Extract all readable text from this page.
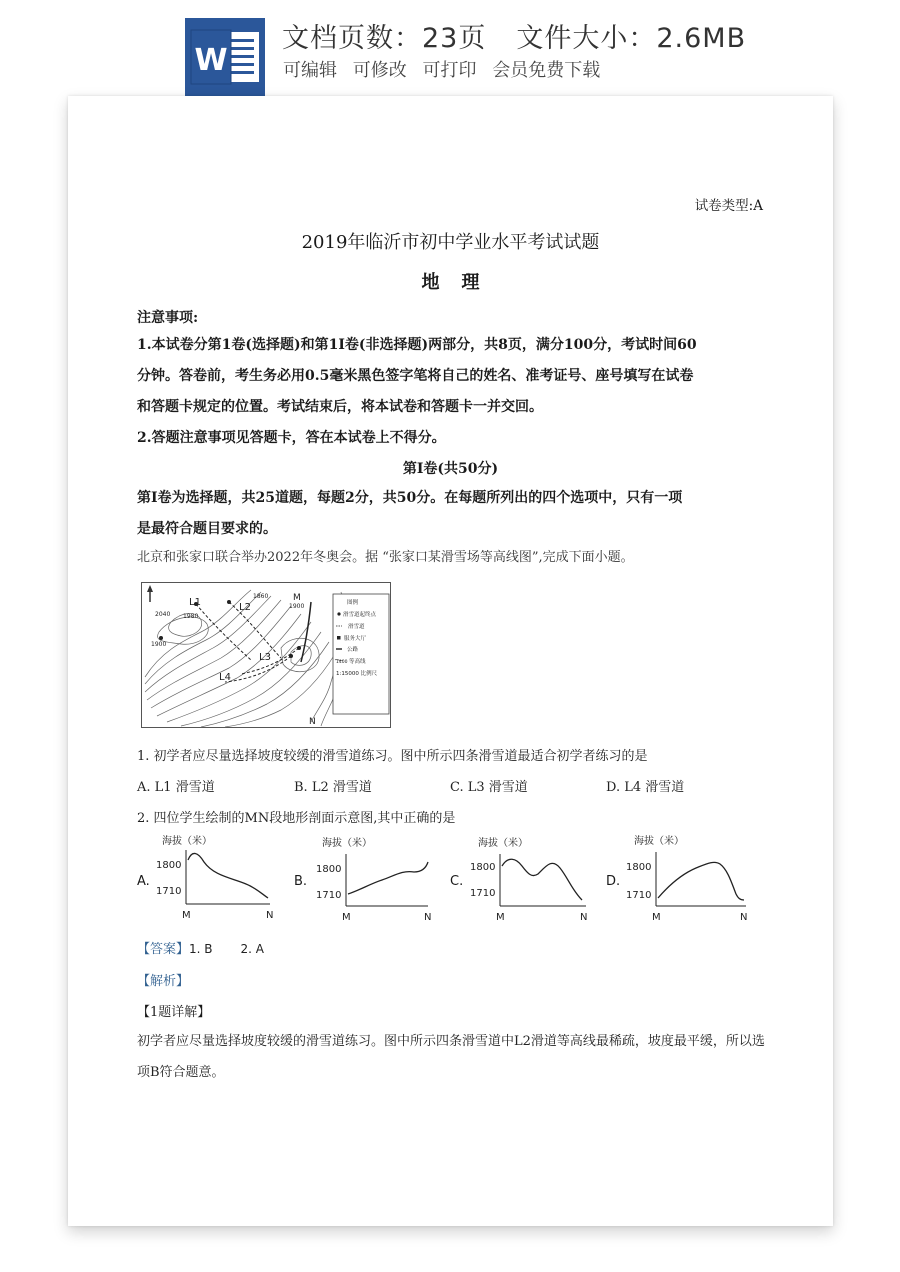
W
文档页数：23页 文件大小：2.6MB
可编辑 可修改 可打印 会员免费下载
试卷类型:A
2019年临沂市初中学业水平考试试题
地理
注意事项:
1.本试卷分第1卷(选择题)和第1I卷(非选择题)两部分，共8页，满分100分，考试时间60
分钟。答卷前，考生务必用0.5毫米黑色签字笔将自己的姓名、准考证号、座号填写在试卷
和答题卡规定的位置。考试结束后，将本试卷和答题卡一并交回。
2.答题注意事项见答题卡，答在本试卷上不得分。
第Ⅰ卷(共50分)
第Ⅰ卷为选择题，共25道题，每题2分，共50分。在每题所列出的四个选项中，只有一项
是最符合题目要求的。
北京和张家口联合举办2022年冬奥会。据 “张家口某滑雪场等高线图”,完成下面小题。
L1	L2
L3
L4
M
N
1860
1900
2040
1900
1980
图例
滑雪道起终点
滑雪道
服务大厅
公路
1400 等高线
1:15000 比例尺
1. 初学者应尽量选择坡度较缓的滑雪道练习。图中所示四条滑雪道最适合初学者练习的是
A. L1 滑雪道	B. L2 滑雪道	C. L3 滑雪道	D. L4 滑雪道
2. 四位学生绘制的MN段地形剖面示意图,其中正确的是
A.
海拔（米）
1800
1710
M	N
B.
海拔（米）
1800
1710
M	N
C.
海拔（米）
1800
1710
M	N
D.
海拔（米）
1800
1710
M	N
【答案】1. B 2. A
【解析】
【1题详解】
初学者应尽量选择坡度较缓的滑雪道练习。图中所示四条滑雪道中L2滑道等高线最稀疏，坡度最平缓，所以选项B符合题意。
